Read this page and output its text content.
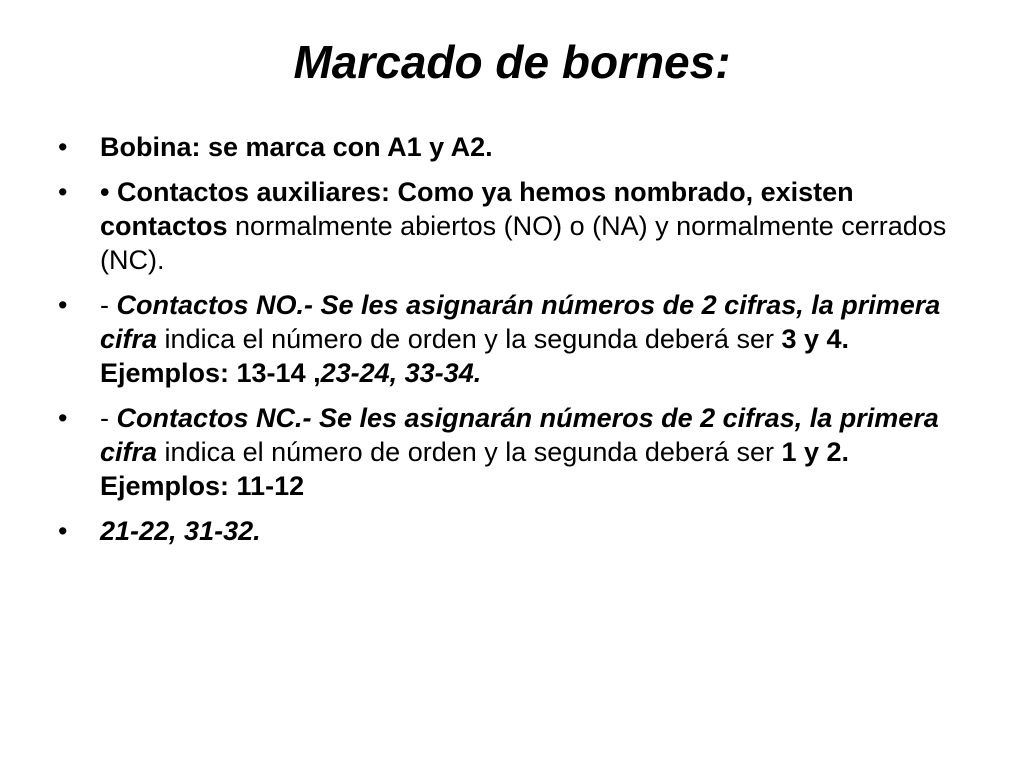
Marcado de bornes:
•	Bobina: se marca con A1 y A2.
•	• Contactos auxiliares: Como ya hemos nombrado, existen contactos normalmente abiertos (NO) o (NA) y normalmente cerrados (NC).
•	- Contactos NO.- Se les asignarán números de 2 cifras, la primera cifra indica el número de orden y la segunda deberá ser 3 y 4. Ejemplos: 13-14 ,23-24, 33-34.
•	- Contactos NC.- Se les asignarán números de 2 cifras, la primera cifra indica el número de orden y la segunda deberá ser 1 y 2. Ejemplos: 11-12
•	21-22, 31-32.
